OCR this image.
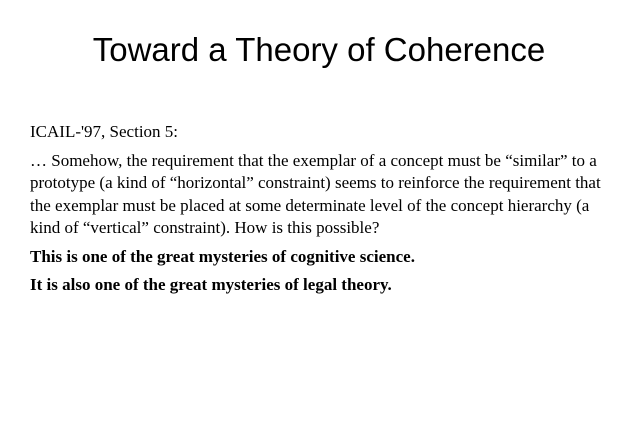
Toward a Theory of Coherence

ICAIL-'97, Section 5:

… Somehow, the requirement that the exemplar of a concept must be “similar” to a prototype (a kind of “horizontal” constraint) seems to reinforce the requirement that the exemplar must be placed at some determinate level of the concept hierarchy (a kind of “vertical” constraint). How is this possible?

This is one of the great mysteries of cognitive science.

It is also one of the great mysteries of legal theory.
